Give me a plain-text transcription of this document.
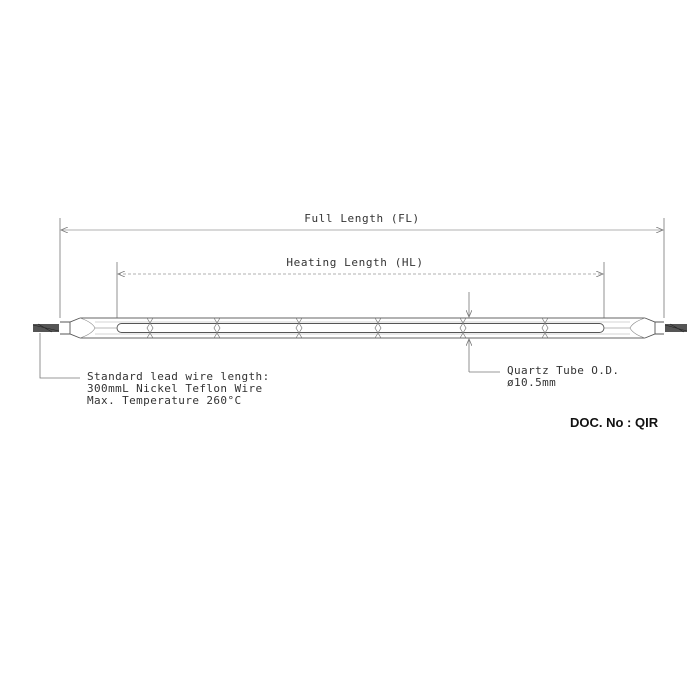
Full Length (FL)
Heating Length (HL)
Quartz Tube O.D.
ø10.5mm
Standard lead wire length:
300mmL Nickel Teflon Wire
Max. Temperature 260°C
DOC. No : QIR
